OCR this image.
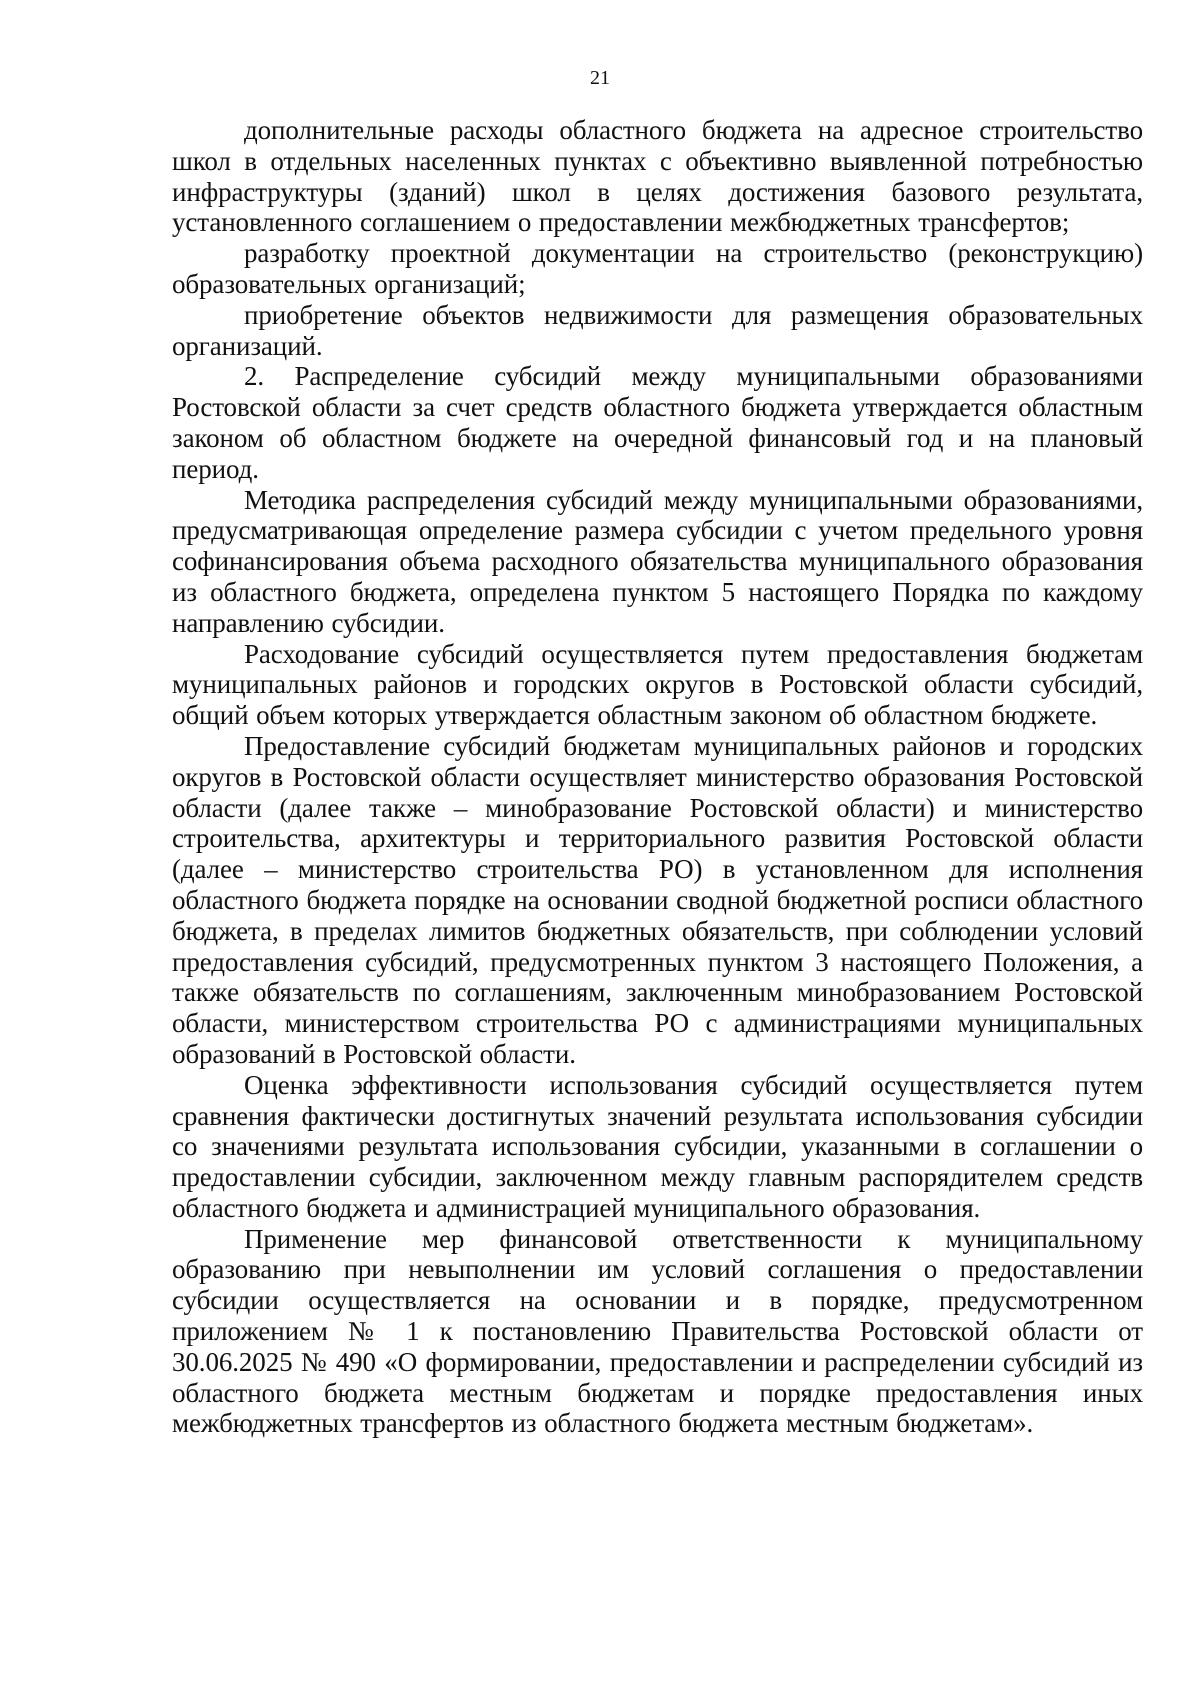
21

дополнительные расходы областного бюджета на адресное строительство школ в отдельных населенных пунктах с объективно выявленной потребностью инфраструктуры (зданий) школ в целях достижения базового результата, установленного соглашением о предоставлении межбюджетных трансфертов;

разработку проектной документации на строительство (реконструкцию) образовательных организаций;

приобретение объектов недвижимости для размещения образовательных организаций.

2. Распределение субсидий между муниципальными образованиями Ростовской области за счет средств областного бюджета утверждается областным законом об областном бюджете на очередной финансовый год и на плановый период.

Методика распределения субсидий между муниципальными образованиями, предусматривающая определение размера субсидии с учетом предельного уровня софинансирования объема расходного обязательства муниципального образования из областного бюджета, определена пунктом 5 настоящего Порядка по каждому направлению субсидии.

Расходование субсидий осуществляется путем предоставления бюджетам муниципальных районов и городских округов в Ростовской области субсидий, общий объем которых утверждается областным законом об областном бюджете.

Предоставление субсидий бюджетам муниципальных районов и городских округов в Ростовской области осуществляет министерство образования Ростовской области (далее также – минобразование Ростовской области) и министерство строительства, архитектуры и территориального развития Ростовской области (далее – министерство строительства РО) в установленном для исполнения областного бюджета порядке на основании сводной бюджетной росписи областного бюджета, в пределах лимитов бюджетных обязательств, при соблюдении условий предоставления субсидий, предусмотренных пунктом 3 настоящего Положения, а также обязательств по соглашениям, заключенным минобразованием Ростовской области, министерством строительства РО с администрациями муниципальных образований в Ростовской области.

Оценка эффективности использования субсидий осуществляется путем сравнения фактически достигнутых значений результата использования субсидии со значениями результата использования субсидии, указанными в соглашении о предоставлении субсидии, заключенном между главным распорядителем средств областного бюджета и администрацией муниципального образования.

Применение мер финансовой ответственности к муниципальному образованию при невыполнении им условий соглашения о предоставлении субсидии осуществляется на основании и в порядке, предусмотренном приложением № 1 к постановлению Правительства Ростовской области от 30.06.2025 № 490 «О формировании, предоставлении и распределении субсидий из областного бюджета местным бюджетам и порядке предоставления иных межбюджетных трансфертов из областного бюджета местным бюджетам».
